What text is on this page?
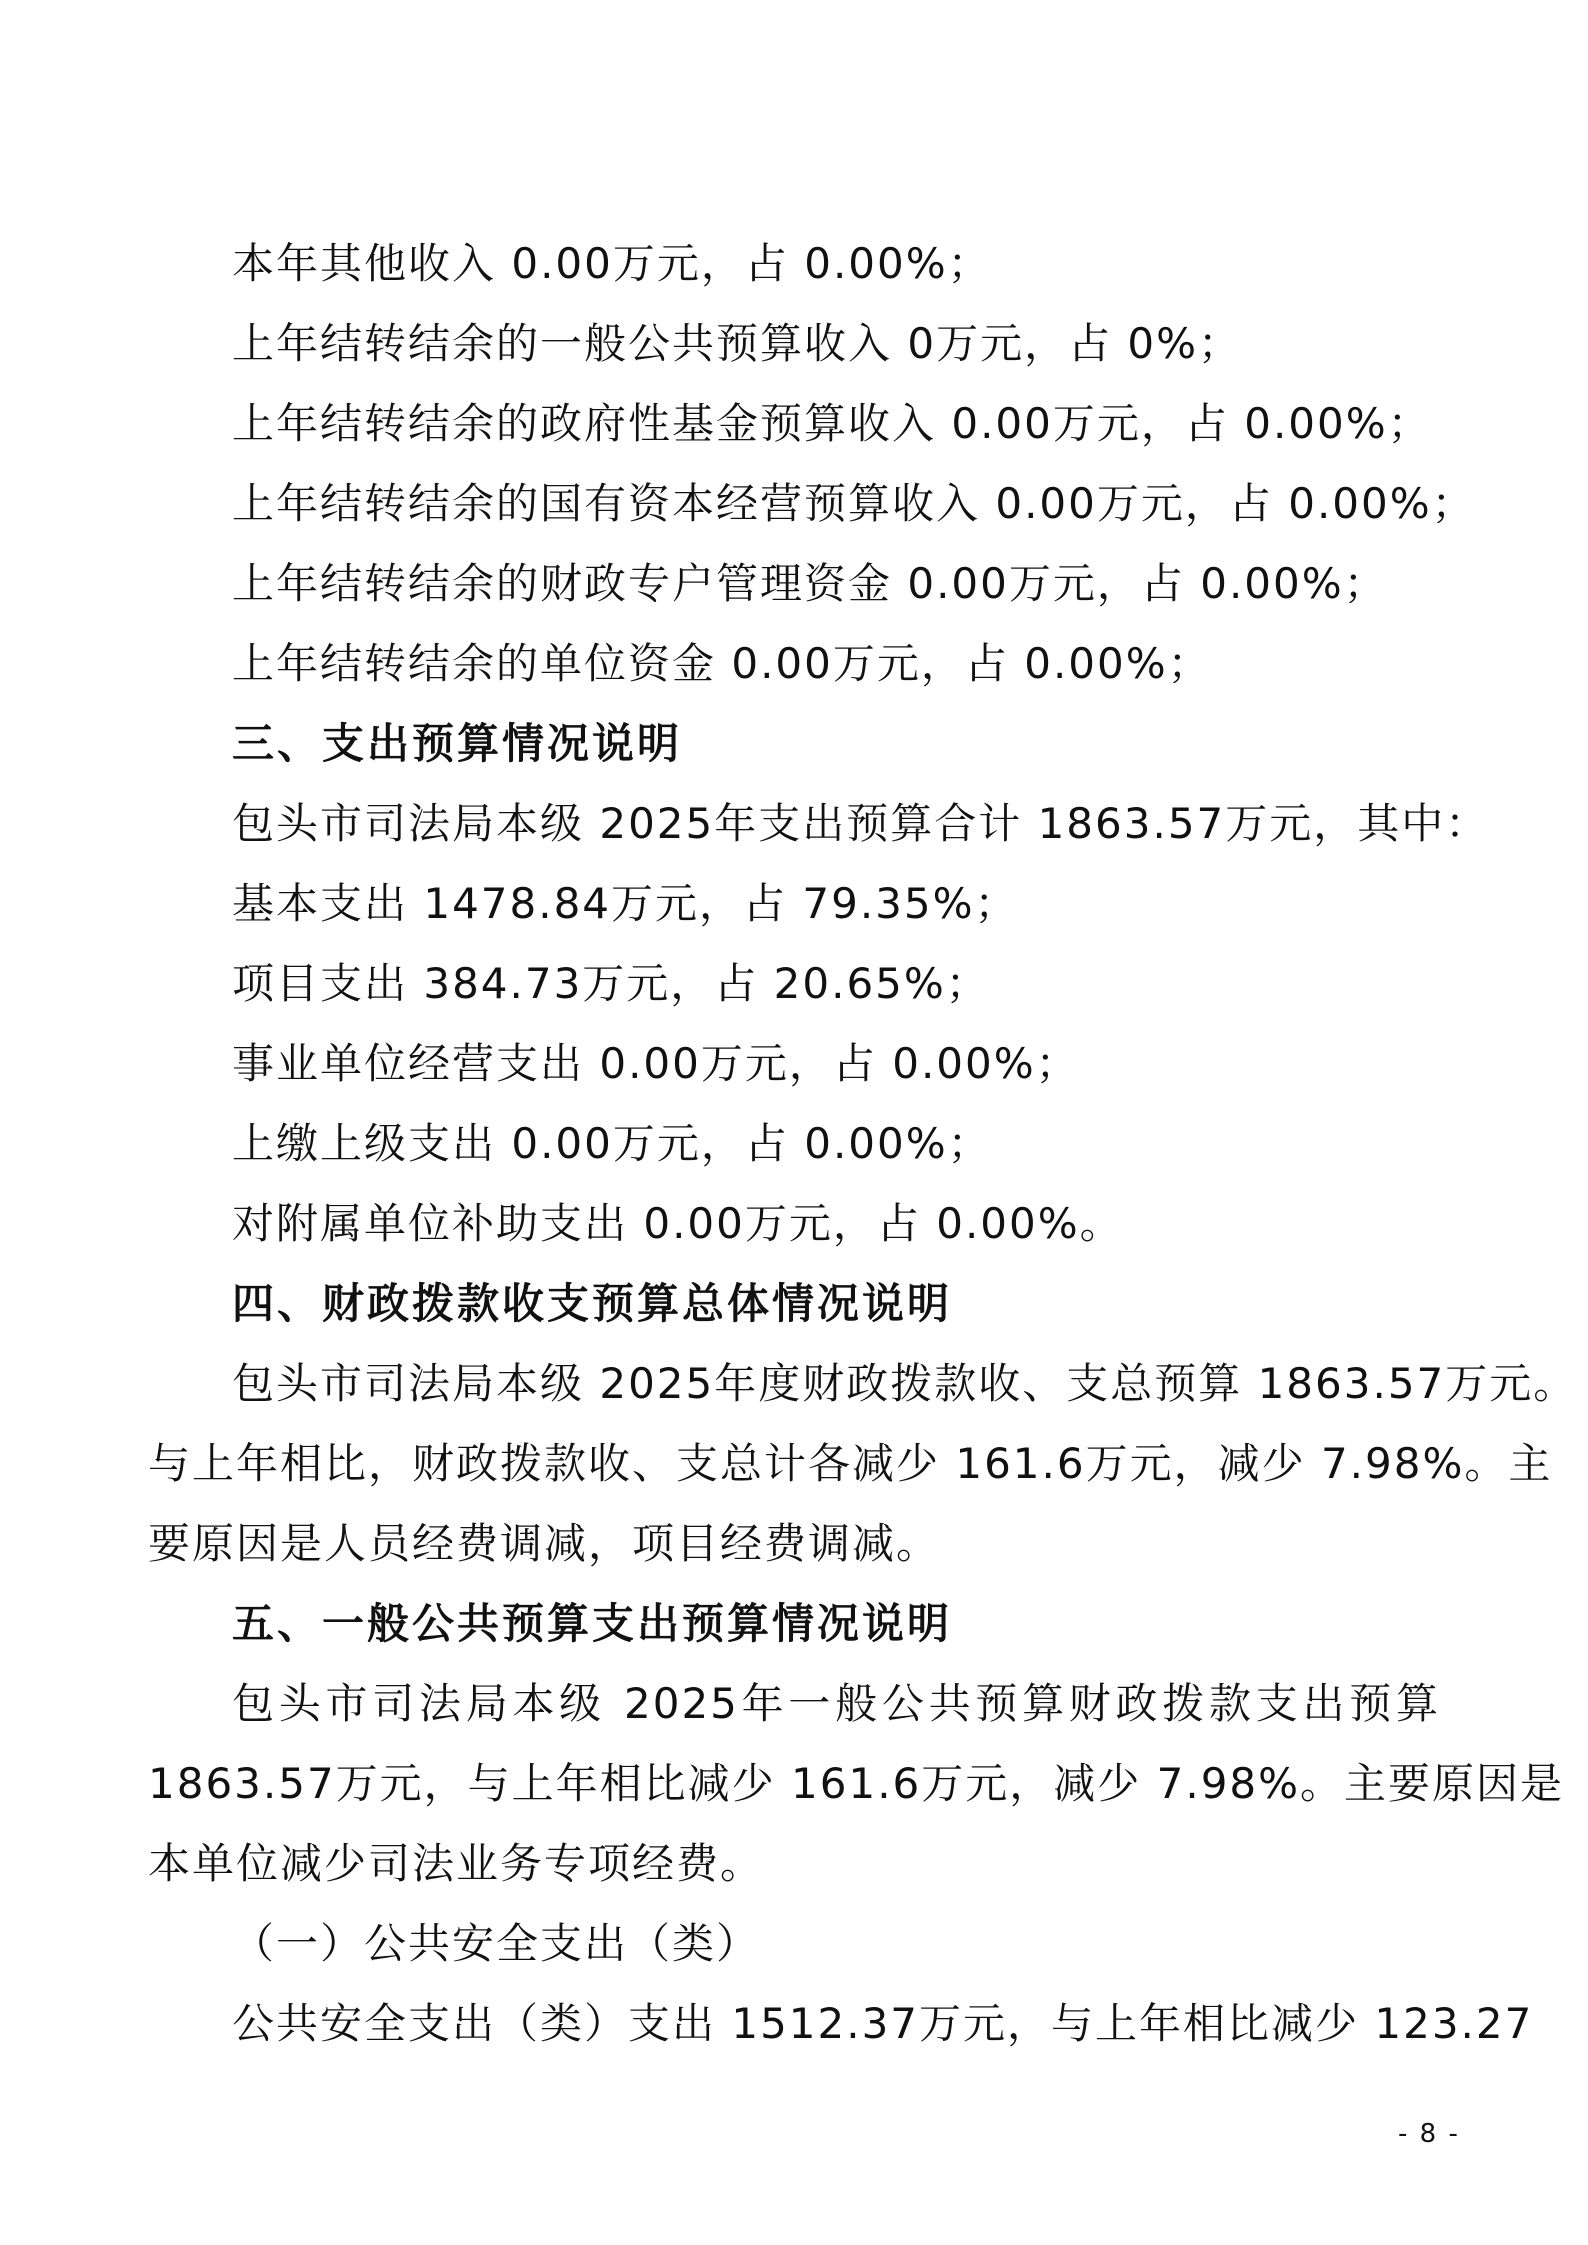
本年其他收入 0.00万元，占 0.00%；
上年结转结余的一般公共预算收入 0万元，占 0%；
上年结转结余的政府性基金预算收入 0.00万元，占 0.00%；
上年结转结余的国有资本经营预算收入 0.00万元，占 0.00%；
上年结转结余的财政专户管理资金 0.00万元，占 0.00%；
上年结转结余的单位资金 0.00万元，占 0.00%；
三、支出预算情况说明
包头市司法局本级 2025年支出预算合计 1863.57万元，其中：
基本支出 1478.84万元，占 79.35%；
项目支出 384.73万元，占 20.65%；
事业单位经营支出 0.00万元，占 0.00%；
上缴上级支出 0.00万元，占 0.00%；
对附属单位补助支出 0.00万元，占 0.00%。
四、财政拨款收支预算总体情况说明
包头市司法局本级 2025年度财政拨款收、支总预算 1863.57万元。
与上年相比，财政拨款收、支总计各减少 161.6万元，减少 7.98%。主
要原因是人员经费调减，项目经费调减。
五、一般公共预算支出预算情况说明
包头市司法局本级 2025年一般公共预算财政拨款支出预算
1863.57万元，与上年相比减少 161.6万元，减少 7.98%。主要原因是
本单位减少司法业务专项经费。
（一）公共安全支出（类）
公共安全支出（类）支出 1512.37万元，与上年相比减少 123.27
- 8 -
